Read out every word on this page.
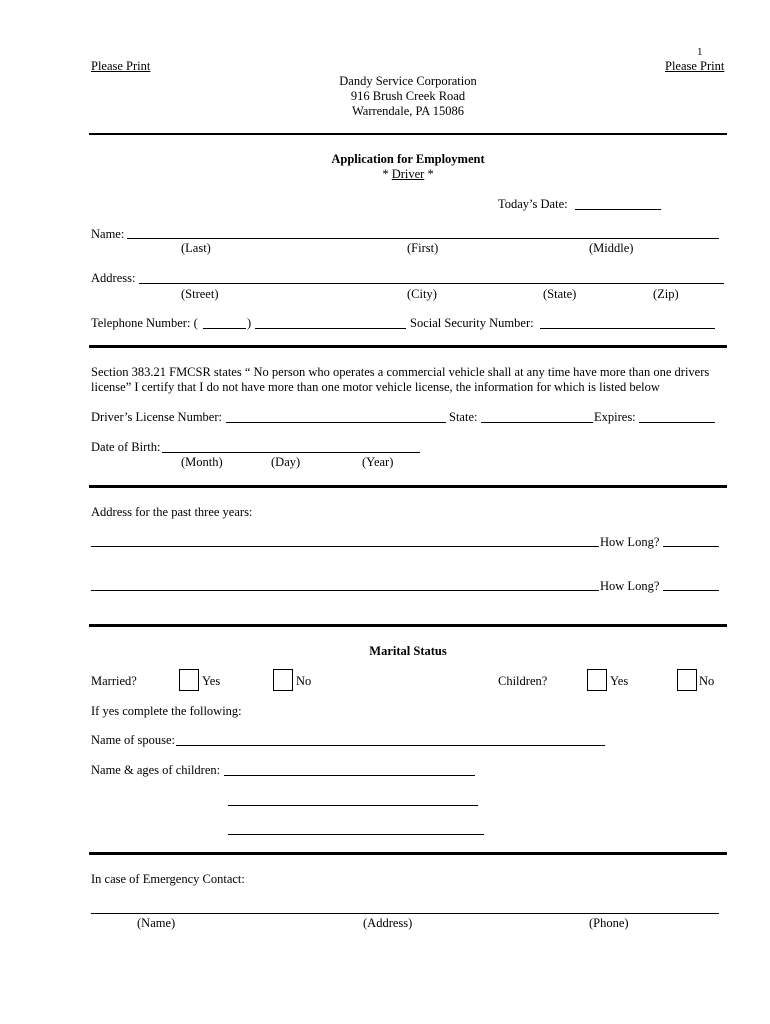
1
Please Print	Please Print
Dandy Service Corporation
916 Brush Creek Road
Warrendale, PA 15086
Application for Employment
* Driver *
Today’s Date:
Name:
(Last)	(First)	(Middle)
Address:
(Street)	(City)	(State)	(Zip)
Telephone Number: (	)	Social Security Number:
Section 383.21 FMCSR states “ No person who operates a commercial vehicle shall at any time have more than one drivers
license” I certify that I do not have more than one motor vehicle license, the information for which is listed below
Driver’s License Number:	State:	Expires:
Date of Birth:
(Month)	(Day)	(Year)
Address for the past three years:
How Long?
How Long?
Marital Status
Married?	Yes	No	Children?	Yes	No
If yes complete the following:
Name of spouse:
Name & ages of children:
In case of Emergency Contact:
(Name)	(Address)	(Phone)
